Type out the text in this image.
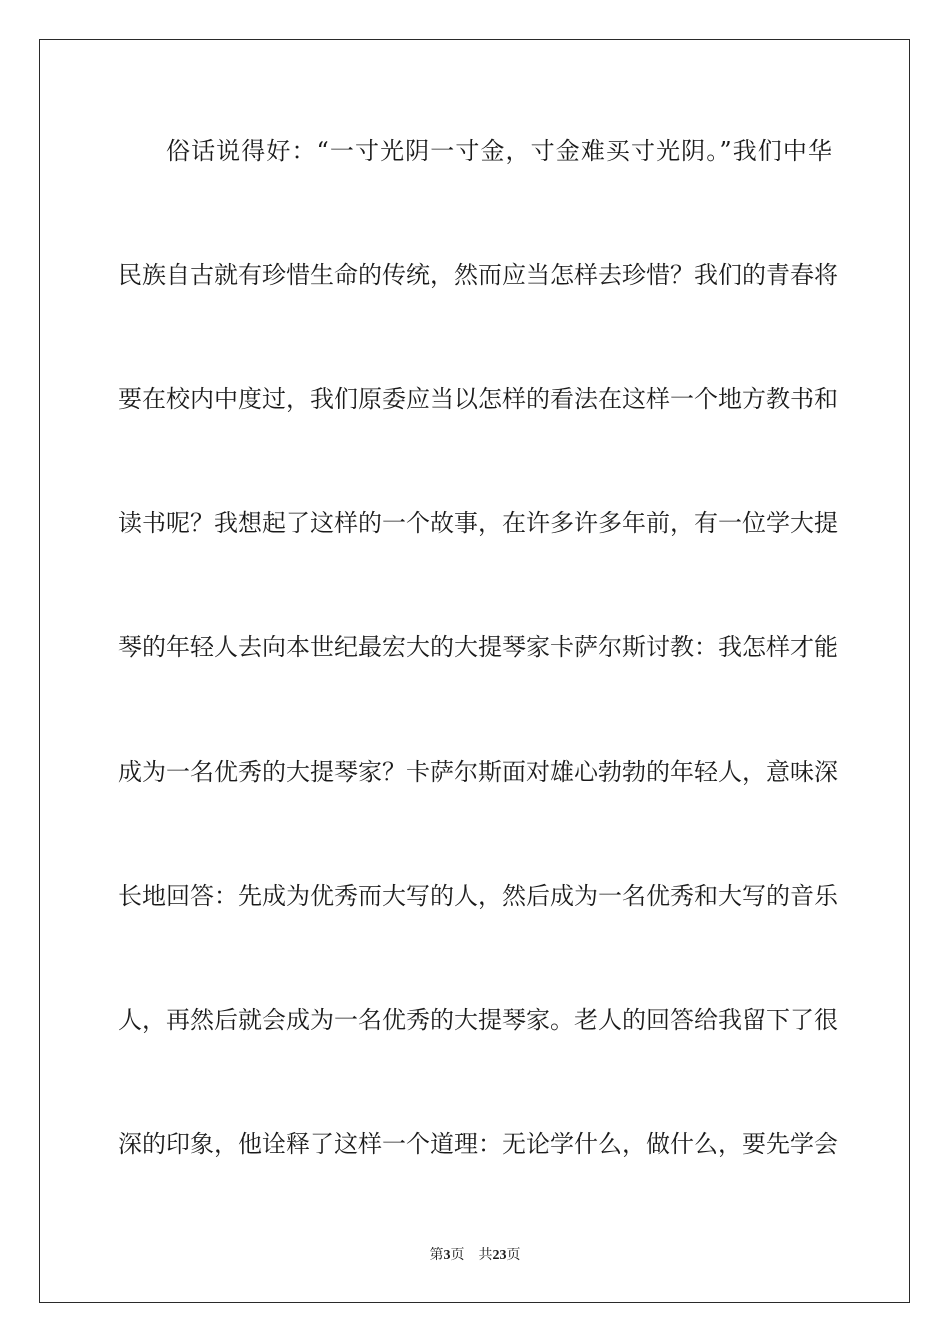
俗话说得好：“一寸光阴一寸金，寸金难买寸光阴。”我们中华
民族自古就有珍惜生命的传统，然而应当怎样去珍惜？我们的青春将
要在校内中度过，我们原委应当以怎样的看法在这样一个地方教书和
读书呢？我想起了这样的一个故事，在许多许多年前，有一位学大提
琴的年轻人去向本世纪最宏大的大提琴家卡萨尔斯讨教：我怎样才能
成为一名优秀的大提琴家？卡萨尔斯面对雄心勃勃的年轻人，意味深
长地回答：先成为优秀而大写的人，然后成为一名优秀和大写的音乐
人，再然后就会成为一名优秀的大提琴家。老人的回答给我留下了很
深的印象，他诠释了这样一个道理：无论学什么，做什么，要先学会
第3页 共23页
